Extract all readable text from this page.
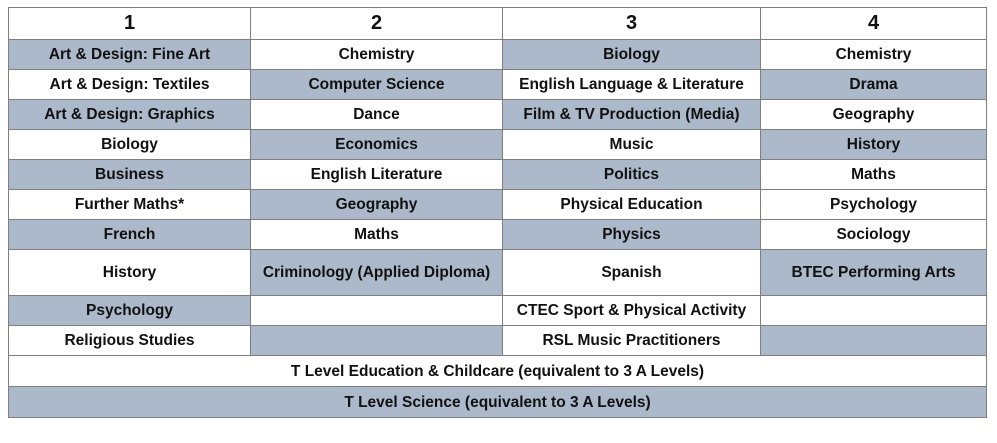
1	2	3	4
Art & Design: Fine Art	Chemistry	Biology	Chemistry
Art & Design: Textiles	Computer Science	English Language & Literature	Drama
Art & Design: Graphics	Dance	Film & TV Production (Media)	Geography
Biology	Economics	Music	History
Business	English Literature	Politics	Maths
Further Maths*	Geography	Physical Education	Psychology
French	Maths	Physics	Sociology
History	Criminology (Applied Diploma)	Spanish	BTEC Performing Arts
Psychology		CTEC Sport & Physical Activity	
Religious Studies		RSL Music Practitioners	
T Level Education & Childcare (equivalent to 3 A Levels)			
T Level Science (equivalent to 3 A Levels)			
